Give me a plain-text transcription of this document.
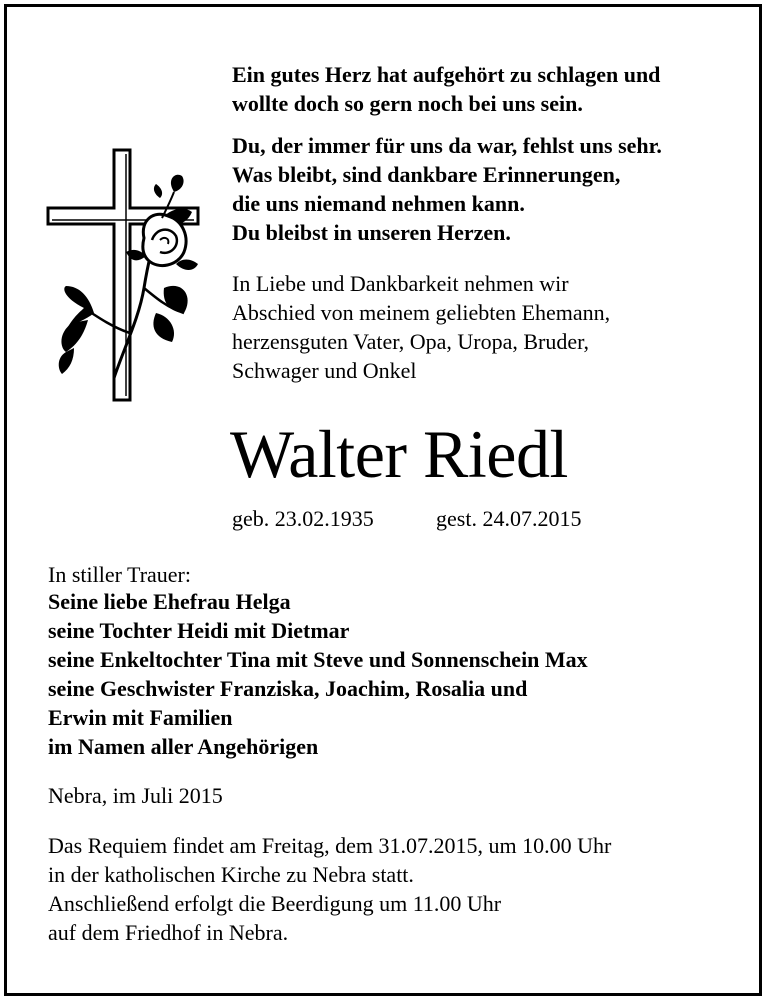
Ein gutes Herz hat aufgehört zu schlagen und
wollte doch so gern noch bei uns sein.
Du, der immer für uns da war, fehlst uns sehr.
Was bleibt, sind dankbare Erinnerungen,
die uns niemand nehmen kann.
Du bleibst in unseren Herzen.
In Liebe und Dankbarkeit nehmen wir
Abschied von meinem geliebten Ehemann,
herzensguten Vater, Opa, Uropa, Bruder,
Schwager und Onkel
Walter Riedl
geb. 23.02.1935	gest. 24.07.2015
In stiller Trauer:
Seine liebe Ehefrau Helga
seine Tochter Heidi mit Dietmar
seine Enkeltochter Tina mit Steve und Sonnenschein Max
seine Geschwister Franziska, Joachim, Rosalia und
Erwin mit Familien
im Namen aller Angehörigen
Nebra, im Juli 2015
Das Requiem findet am Freitag, dem 31.07.2015, um 10.00 Uhr
in der katholischen Kirche zu Nebra statt.
Anschließend erfolgt die Beerdigung um 11.00 Uhr
auf dem Friedhof in Nebra.
